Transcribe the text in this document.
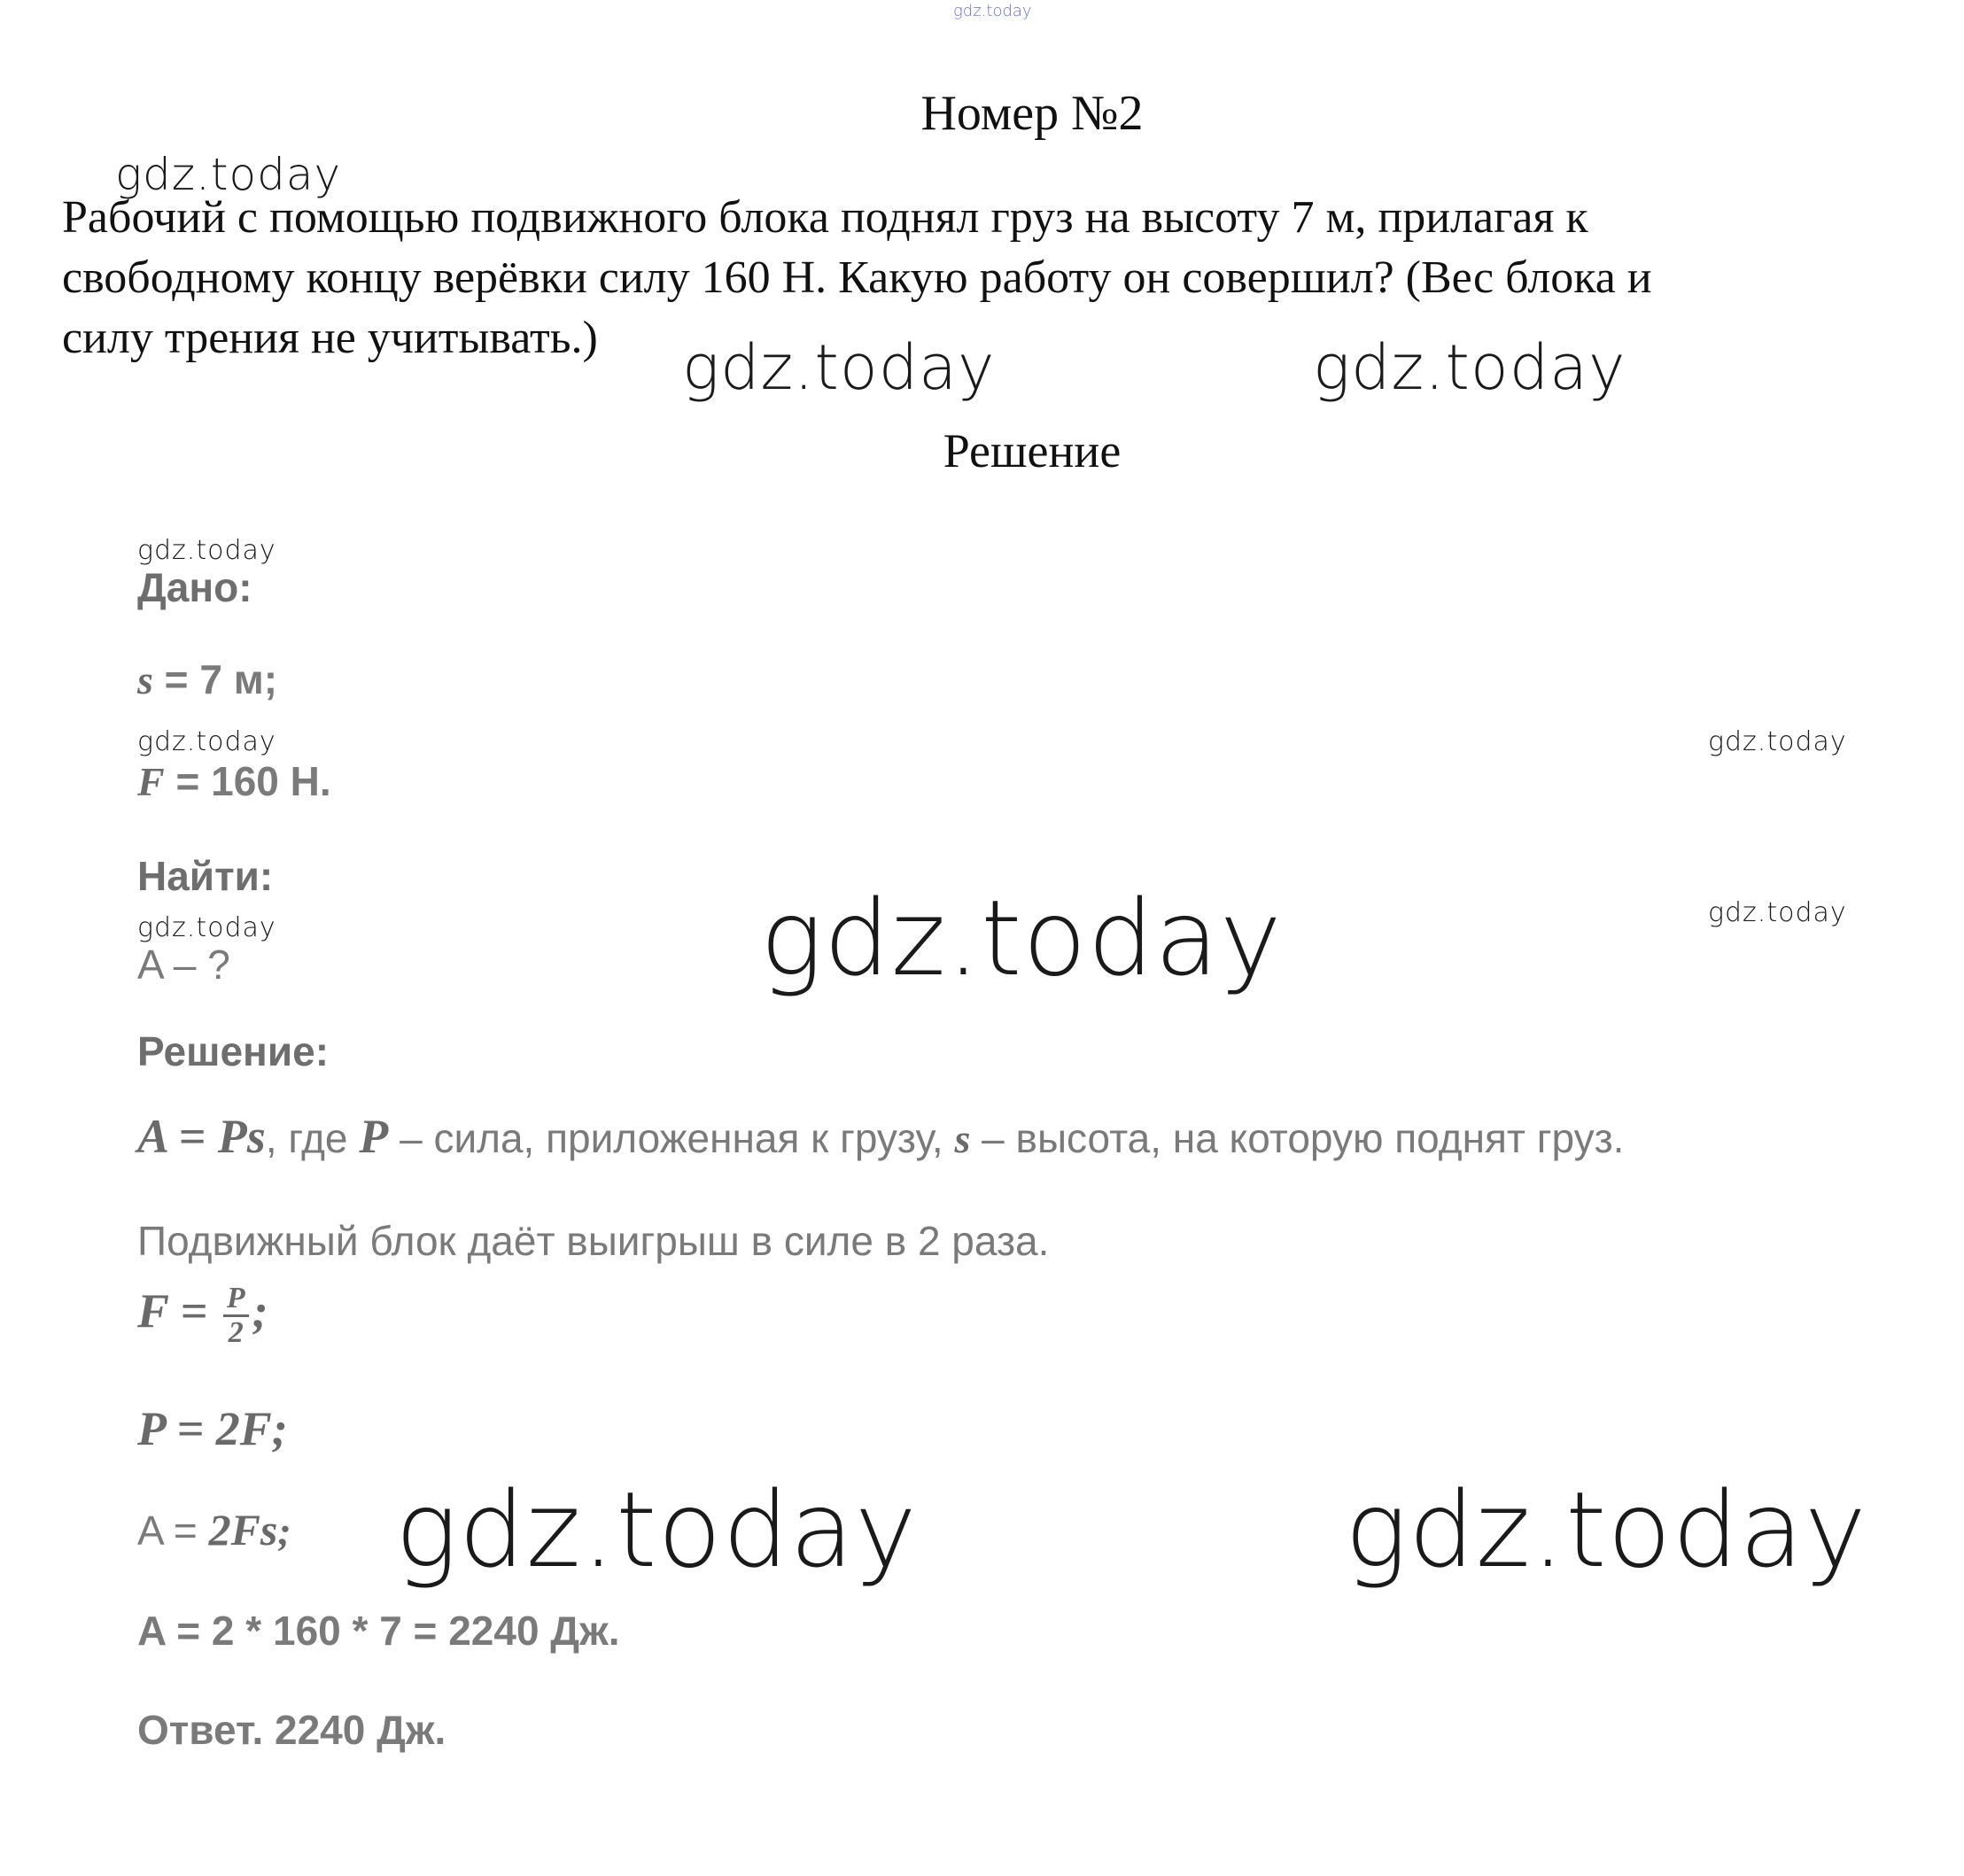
gdz.today
Номер №2
gdz.today
Рабочий с помощью подвижного блока поднял груз на высоту 7 м, прилагая к
свободному концу верёвки силу 160 Н. Какую работу он совершил? (Вес блока и
силу трения не учитывать.)	gdz.today	gdz.today
Решение
gdz.today
gdz.today	gdz.today
gdz.today	gdz.today
gdz.today
gdz.today	gdz.today
Дано:
s = 7 м;
F = 160 Н.
Найти:
A – ?
Решение:
A = Ps, где P – сила, приложенная к грузу, s – высота, на которую поднят груз.
Подвижный блок даёт выигрыш в силе в 2 раза.
$F = \frac{P}{2}$ ;
P = 2F;
A = 2Fs;
A = 2 * 160 * 7 = 2240 Дж.
Ответ. 2240 Дж.
